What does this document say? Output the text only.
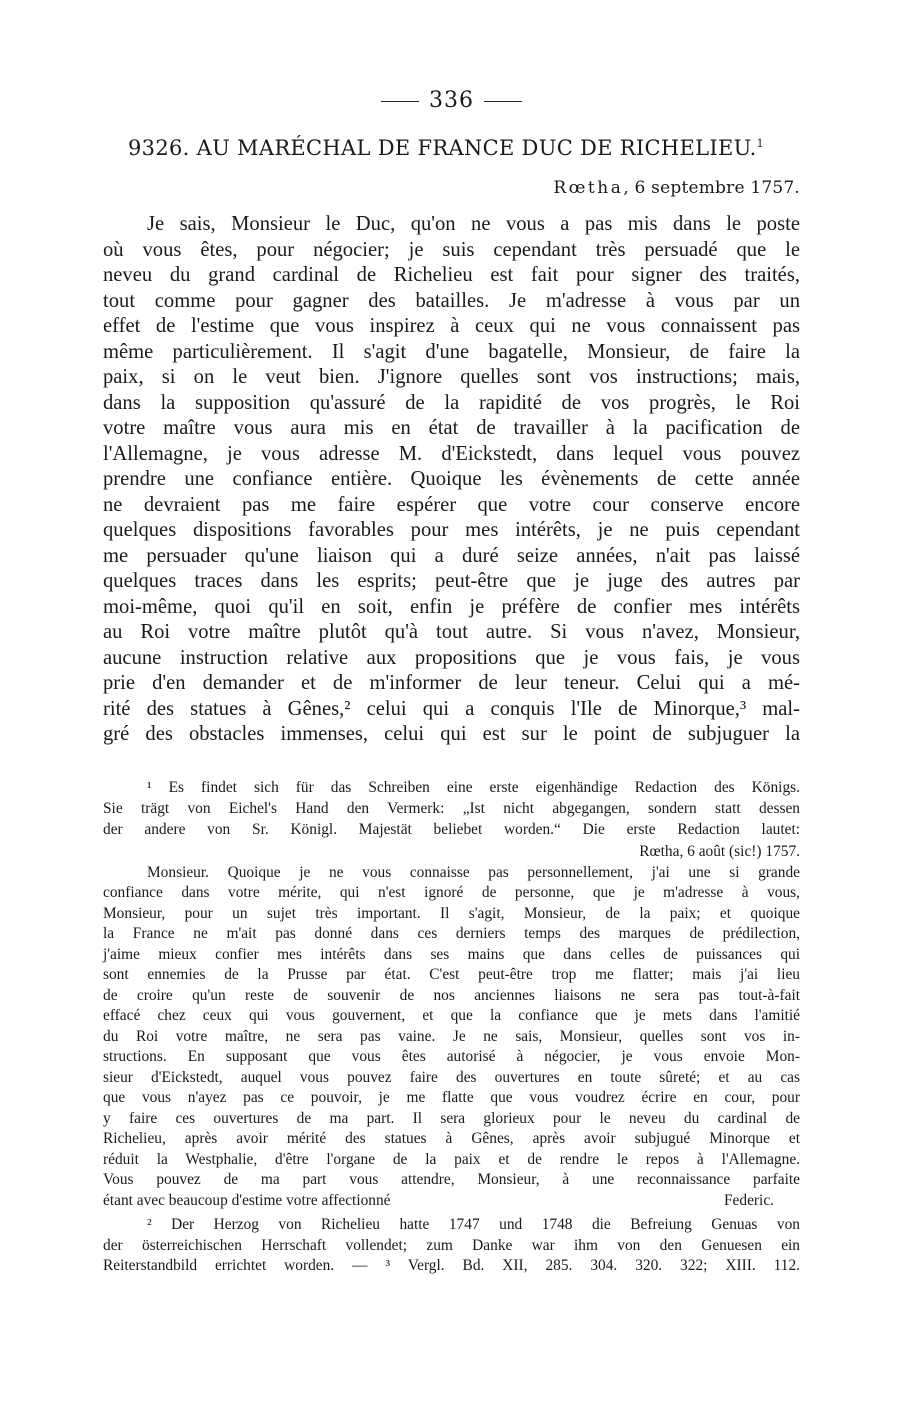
336
9326. AU MARÉCHAL DE FRANCE DUC DE RICHELIEU.$^1$
Rœtha, 6 septembre 1757.
Je sais, Monsieur le Duc, qu'on ne vous a pas mis dans le poste
où vous êtes, pour négocier; je suis cependant très persuadé que le
neveu du grand cardinal de Richelieu est fait pour signer des traités,
tout comme pour gagner des batailles. Je m'adresse à vous par un
effet de l'estime que vous inspirez à ceux qui ne vous connaissent pas
même particulièrement. Il s'agit d'une bagatelle, Monsieur, de faire la
paix, si on le veut bien. J'ignore quelles sont vos instructions; mais,
dans la supposition qu'assuré de la rapidité de vos progrès, le Roi
votre maître vous aura mis en état de travailler à la pacification de
l'Allemagne, je vous adresse M. d'Eickstedt, dans lequel vous pouvez
prendre une confiance entière. Quoique les évènements de cette année
ne devraient pas me faire espérer que votre cour conserve encore
quelques dispositions favorables pour mes intérêts, je ne puis cependant
me persuader qu'une liaison qui a duré seize années, n'ait pas laissé
quelques traces dans les esprits; peut-être que je juge des autres par
moi-même, quoi qu'il en soit, enfin je préfère de confier mes intérêts
au Roi votre maître plutôt qu'à tout autre. Si vous n'avez, Monsieur,
aucune instruction relative aux propositions que je vous fais, je vous
prie d'en demander et de m'informer de leur teneur. Celui qui a mé-
rité des statues à Gênes,² celui qui a conquis l'Ile de Minorque,³ mal-
gré des obstacles immenses, celui qui est sur le point de subjuguer la
¹ Es findet sich für das Schreiben eine erste eigenhändige Redaction des Königs.
Sie trägt von Eichel's Hand den Vermerk: „Ist nicht abgegangen, sondern statt dessen
der andere von Sr. Königl. Majestät beliebet worden.“ Die erste Redaction lautet:
Rœtha, 6 août (sic!) 1757.
Monsieur. Quoique je ne vous connaisse pas personnellement, j'ai une si grande
confiance dans votre mérite, qui n'est ignoré de personne, que je m'adresse à vous,
Monsieur, pour un sujet très important. Il s'agit, Monsieur, de la paix; et quoique
la France ne m'ait pas donné dans ces derniers temps des marques de prédilection,
j'aime mieux confier mes intérêts dans ses mains que dans celles de puissances qui
sont ennemies de la Prusse par état. C'est peut-être trop me flatter; mais j'ai lieu
de croire qu'un reste de souvenir de nos anciennes liaisons ne sera pas tout-à-fait
effacé chez ceux qui vous gouvernent, et que la confiance que je mets dans l'amitié
du Roi votre maître, ne sera pas vaine. Je ne sais, Monsieur, quelles sont vos in-
structions. En supposant que vous êtes autorisé à négocier, je vous envoie Mon-
sieur d'Eickstedt, auquel vous pouvez faire des ouvertures en toute sûreté; et au cas
que vous n'ayez pas ce pouvoir, je me flatte que vous voudrez écrire en cour, pour
y faire ces ouvertures de ma part. Il sera glorieux pour le neveu du cardinal de
Richelieu, après avoir mérité des statues à Gênes, après avoir subjugué Minorque et
réduit la Westphalie, d'être l'organe de la paix et de rendre le repos à l'Allemagne.
Vous pouvez de ma part vous attendre, Monsieur, à une reconnaissance parfaite
étant avec beaucoup d'estime votre affectionné	Federic.
² Der Herzog von Richelieu hatte 1747 und 1748 die Befreiung Genuas von
der österreichischen Herrschaft vollendet; zum Danke war ihm von den Genuesen ein
Reiterstandbild errichtet worden. — ³ Vergl. Bd. XII, 285. 304. 320. 322; XIII. 112.
